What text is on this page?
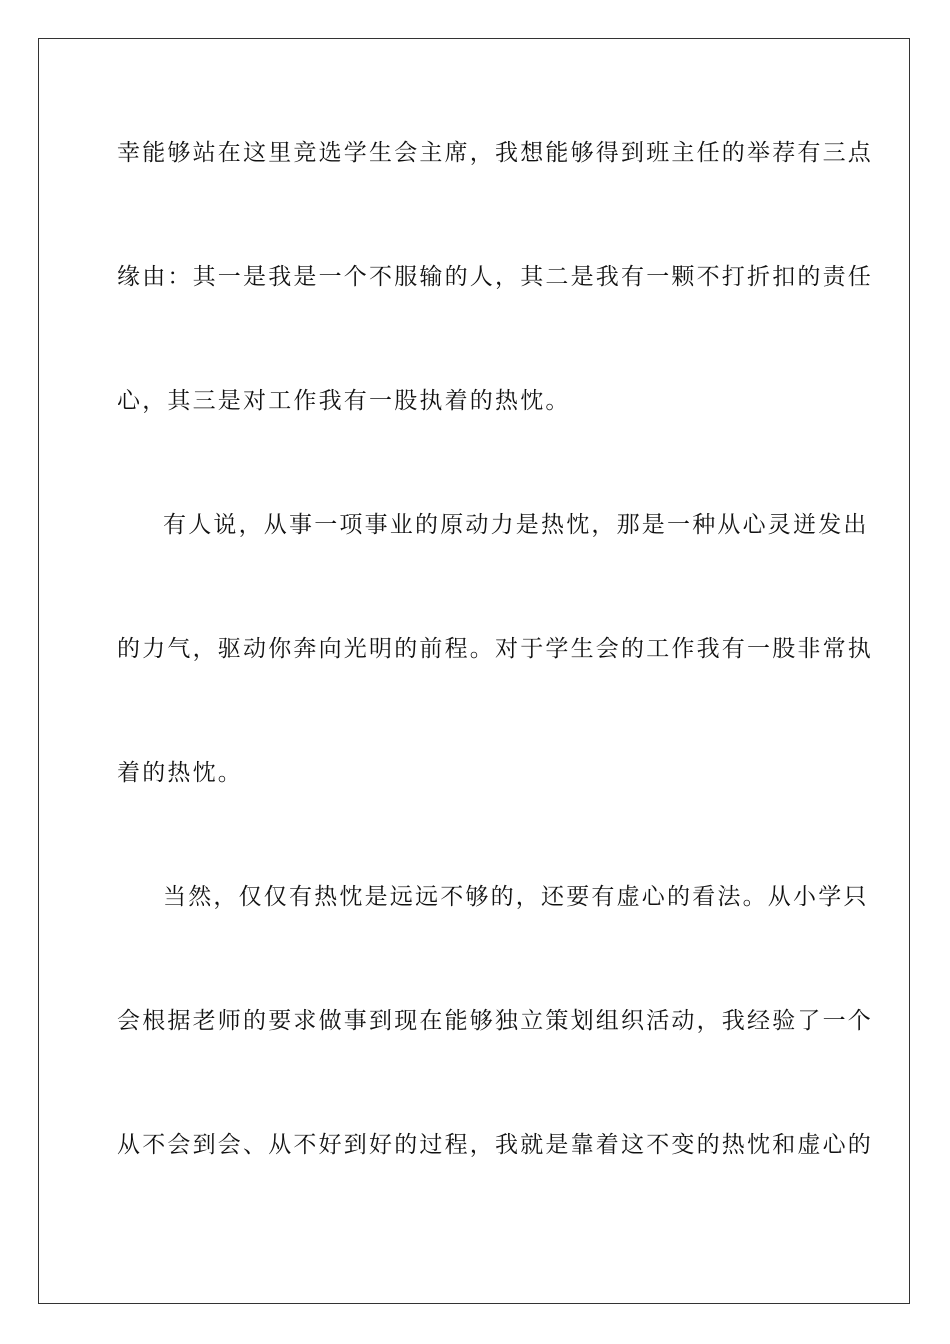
幸能够站在这里竞选学生会主席，我想能够得到班主任的举荐有三点

缘由：其一是我是一个不服输的人，其二是我有一颗不打折扣的责任

心，其三是对工作我有一股执着的热忱。

有人说，从事一项事业的原动力是热忱，那是一种从心灵迸发出

的力气，驱动你奔向光明的前程。对于学生会的工作我有一股非常执

着的热忱。

当然，仅仅有热忱是远远不够的，还要有虚心的看法。从小学只

会根据老师的要求做事到现在能够独立策划组织活动，我经验了一个

从不会到会、从不好到好的过程，我就是靠着这不变的热忱和虚心的
